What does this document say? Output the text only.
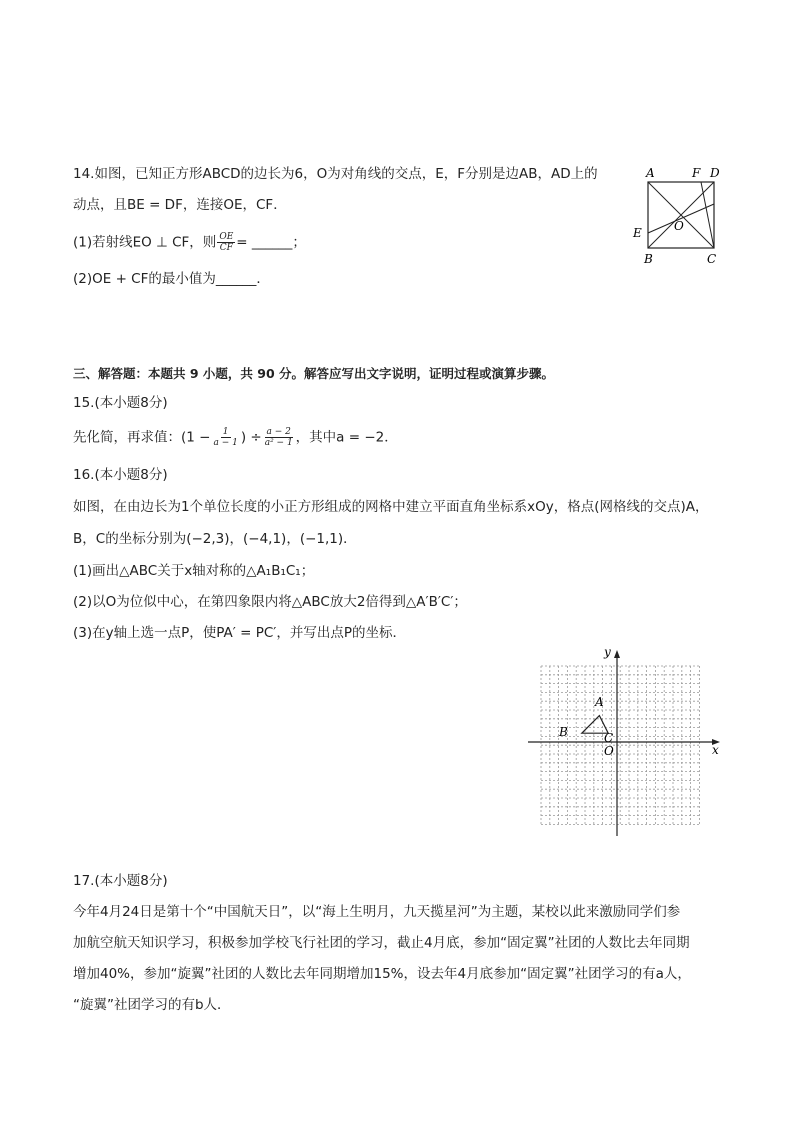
14.如图，已知正方形ABCD的边长为6，O为对角线的交点，E，F分别是边AB，AD上的
动点，且BE = DF，连接OE，CF．
(1)若射线EO ⊥ CF，则 $\frac{OE}{CF}$ = ______；
(2)OE + CF的最小值为______．
A	F D
E	O
B	C
三、解答题：本题共 9 小题，共 90 分。解答应写出文字说明，证明过程或演算步骤。
15.(本小题8分)
先化简，再求值：($1 - \frac{1}{a - 1}$ ) ÷ $\frac{a - 2}{\text{a² − 1}}$ ，其中a = −2．
16.(本小题8分)
如图，在由边长为1个单位长度的小正方形组成的网格中建立平面直角坐标系xOy，格点(网格线的交点)A，
B，C的坐标分别为(−2,3)，(−4,1)，(−1,1)．
(1)画出△ABC关于x轴对称的△A₁B₁C₁；
(2)以O为位似中心，在第四象限内将△ABC放大2倍得到△A′B′C′；
(3)在y轴上选一点P，使PA′ = PC′，并写出点P的坐标．
x
y
A
B	C
O
17.(本小题8分)
今年4月24日是第十个“中国航天日”，以“海上生明月，九天揽星河”为主题，某校以此来激励同学们参
加航空航天知识学习，积极参加学校飞行社团的学习，截止4月底，参加“固定翼”社团的人数比去年同期
增加40%，参加“旋翼”社团的人数比去年同期增加15%，设去年4月底参加“固定翼”社团学习的有a人，
“旋翼”社团学习的有b人．
